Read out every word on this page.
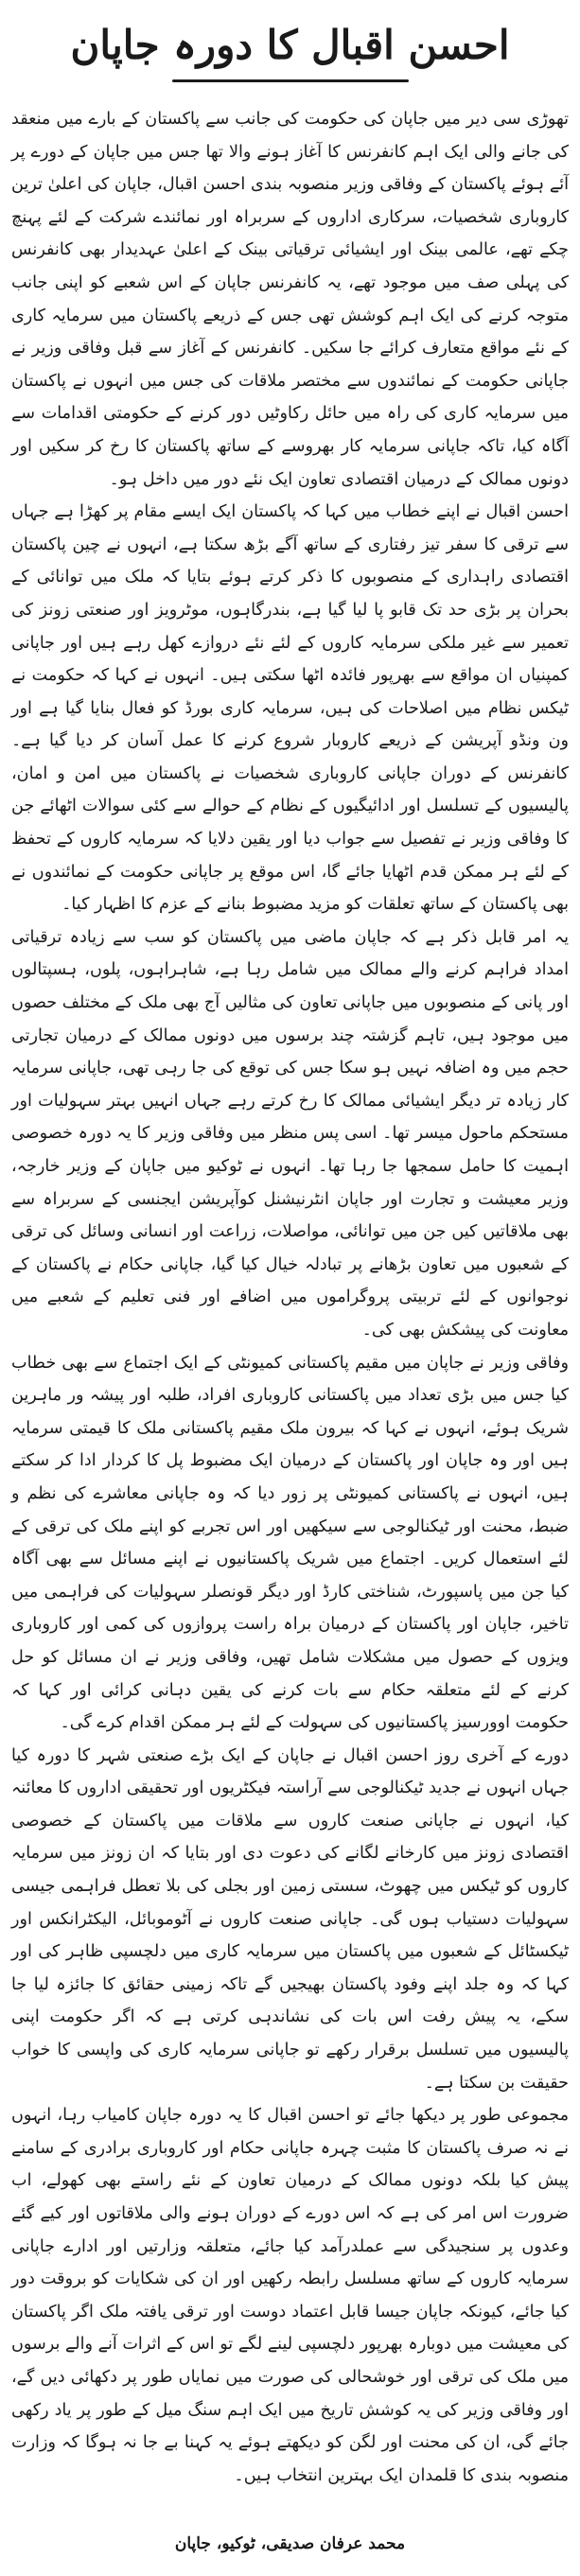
احسن اقبال کا دورہ جاپان

تھوڑی سی دیر میں جاپان کی حکومت کی جانب سے پاکستان کے بارے میں منعقد کی جانے والی ایک اہم کانفرنس کا آغاز ہونے والا تھا جس میں جاپان کے دورے پر آئے ہوئے پاکستان کے وفاقی وزیر منصوبہ بندی احسن اقبال، جاپان کی اعلیٰ ترین کاروباری شخصیات، سرکاری اداروں کے سربراہ اور نمائندے شرکت کے لئے پہنچ چکے تھے، عالمی بینک اور ایشیائی ترقیاتی بینک کے اعلیٰ عہدیدار بھی کانفرنس کی پہلی صف میں موجود تھے، یہ کانفرنس جاپان کے اس شعبے کو اپنی جانب متوجہ کرنے کی ایک اہم کوشش تھی جس کے ذریعے پاکستان میں سرمایہ کاری کے نئے مواقع متعارف کرائے جا سکیں۔ کانفرنس کے آغاز سے قبل وفاقی وزیر نے جاپانی حکومت کے نمائندوں سے مختصر ملاقات کی جس میں انہوں نے پاکستان میں سرمایہ کاری کی راہ میں حائل رکاوٹیں دور کرنے کے حکومتی اقدامات سے آگاہ کیا، تاکہ جاپانی سرمایہ کار بھروسے کے ساتھ پاکستان کا رخ کر سکیں اور دونوں ممالک کے درمیان اقتصادی تعاون ایک نئے دور میں داخل ہو۔

احسن اقبال نے اپنے خطاب میں کہا کہ پاکستان ایک ایسے مقام پر کھڑا ہے جہاں سے ترقی کا سفر تیز رفتاری کے ساتھ آگے بڑھ سکتا ہے، انہوں نے چین پاکستان اقتصادی راہداری کے منصوبوں کا ذکر کرتے ہوئے بتایا کہ ملک میں توانائی کے بحران پر بڑی حد تک قابو پا لیا گیا ہے، بندرگاہوں، موٹرویز اور صنعتی زونز کی تعمیر سے غیر ملکی سرمایہ کاروں کے لئے نئے دروازے کھل رہے ہیں اور جاپانی کمپنیاں ان مواقع سے بھرپور فائدہ اٹھا سکتی ہیں۔ انہوں نے کہا کہ حکومت نے ٹیکس نظام میں اصلاحات کی ہیں، سرمایہ کاری بورڈ کو فعال بنایا گیا ہے اور ون ونڈو آپریشن کے ذریعے کاروبار شروع کرنے کا عمل آسان کر دیا گیا ہے۔ کانفرنس کے دوران جاپانی کاروباری شخصیات نے پاکستان میں امن و امان، پالیسیوں کے تسلسل اور ادائیگیوں کے نظام کے حوالے سے کئی سوالات اٹھائے جن کا وفاقی وزیر نے تفصیل سے جواب دیا اور یقین دلایا کہ سرمایہ کاروں کے تحفظ کے لئے ہر ممکن قدم اٹھایا جائے گا، اس موقع پر جاپانی حکومت کے نمائندوں نے بھی پاکستان کے ساتھ تعلقات کو مزید مضبوط بنانے کے عزم کا اظہار کیا۔

یہ امر قابل ذکر ہے کہ جاپان ماضی میں پاکستان کو سب سے زیادہ ترقیاتی امداد فراہم کرنے والے ممالک میں شامل رہا ہے، شاہراہوں، پلوں، ہسپتالوں اور پانی کے منصوبوں میں جاپانی تعاون کی مثالیں آج بھی ملک کے مختلف حصوں میں موجود ہیں، تاہم گزشتہ چند برسوں میں دونوں ممالک کے درمیان تجارتی حجم میں وہ اضافہ نہیں ہو سکا جس کی توقع کی جا رہی تھی، جاپانی سرمایہ کار زیادہ تر دیگر ایشیائی ممالک کا رخ کرتے رہے جہاں انہیں بہتر سہولیات اور مستحکم ماحول میسر تھا۔ اسی پس منظر میں وفاقی وزیر کا یہ دورہ خصوصی اہمیت کا حامل سمجھا جا رہا تھا۔ انہوں نے ٹوکیو میں جاپان کے وزیر خارجہ، وزیر معیشت و تجارت اور جاپان انٹرنیشنل کوآپریشن ایجنسی کے سربراہ سے بھی ملاقاتیں کیں جن میں توانائی، مواصلات، زراعت اور انسانی وسائل کی ترقی کے شعبوں میں تعاون بڑھانے پر تبادلہ خیال کیا گیا، جاپانی حکام نے پاکستان کے نوجوانوں کے لئے تربیتی پروگراموں میں اضافے اور فنی تعلیم کے شعبے میں معاونت کی پیشکش بھی کی۔

وفاقی وزیر نے جاپان میں مقیم پاکستانی کمیونٹی کے ایک اجتماع سے بھی خطاب کیا جس میں بڑی تعداد میں پاکستانی کاروباری افراد، طلبہ اور پیشہ ور ماہرین شریک ہوئے، انہوں نے کہا کہ بیرون ملک مقیم پاکستانی ملک کا قیمتی سرمایہ ہیں اور وہ جاپان اور پاکستان کے درمیان ایک مضبوط پل کا کردار ادا کر سکتے ہیں، انہوں نے پاکستانی کمیونٹی پر زور دیا کہ وہ جاپانی معاشرے کی نظم و ضبط، محنت اور ٹیکنالوجی سے سیکھیں اور اس تجربے کو اپنے ملک کی ترقی کے لئے استعمال کریں۔ اجتماع میں شریک پاکستانیوں نے اپنے مسائل سے بھی آگاہ کیا جن میں پاسپورٹ، شناختی کارڈ اور دیگر قونصلر سہولیات کی فراہمی میں تاخیر، جاپان اور پاکستان کے درمیان براہ راست پروازوں کی کمی اور کاروباری ویزوں کے حصول میں مشکلات شامل تھیں، وفاقی وزیر نے ان مسائل کو حل کرنے کے لئے متعلقہ حکام سے بات کرنے کی یقین دہانی کرائی اور کہا کہ حکومت اوورسیز پاکستانیوں کی سہولت کے لئے ہر ممکن اقدام کرے گی۔

دورے کے آخری روز احسن اقبال نے جاپان کے ایک بڑے صنعتی شہر کا دورہ کیا جہاں انہوں نے جدید ٹیکنالوجی سے آراستہ فیکٹریوں اور تحقیقی اداروں کا معائنہ کیا، انہوں نے جاپانی صنعت کاروں سے ملاقات میں پاکستان کے خصوصی اقتصادی زونز میں کارخانے لگانے کی دعوت دی اور بتایا کہ ان زونز میں سرمایہ کاروں کو ٹیکس میں چھوٹ، سستی زمین اور بجلی کی بلا تعطل فراہمی جیسی سہولیات دستیاب ہوں گی۔ جاپانی صنعت کاروں نے آٹوموبائل، الیکٹرانکس اور ٹیکسٹائل کے شعبوں میں پاکستان میں سرمایہ کاری میں دلچسپی ظاہر کی اور کہا کہ وہ جلد اپنے وفود پاکستان بھیجیں گے تاکہ زمینی حقائق کا جائزہ لیا جا سکے، یہ پیش رفت اس بات کی نشاندہی کرتی ہے کہ اگر حکومت اپنی پالیسیوں میں تسلسل برقرار رکھے تو جاپانی سرمایہ کاری کی واپسی کا خواب حقیقت بن سکتا ہے۔

مجموعی طور پر دیکھا جائے تو احسن اقبال کا یہ دورہ جاپان کامیاب رہا، انہوں نے نہ صرف پاکستان کا مثبت چہرہ جاپانی حکام اور کاروباری برادری کے سامنے پیش کیا بلکہ دونوں ممالک کے درمیان تعاون کے نئے راستے بھی کھولے، اب ضرورت اس امر کی ہے کہ اس دورے کے دوران ہونے والی ملاقاتوں اور کیے گئے وعدوں پر سنجیدگی سے عملدرآمد کیا جائے، متعلقہ وزارتیں اور ادارے جاپانی سرمایہ کاروں کے ساتھ مسلسل رابطہ رکھیں اور ان کی شکایات کو بروقت دور کیا جائے، کیونکہ جاپان جیسا قابل اعتماد دوست اور ترقی یافتہ ملک اگر پاکستان کی معیشت میں دوبارہ بھرپور دلچسپی لینے لگے تو اس کے اثرات آنے والے برسوں میں ملک کی ترقی اور خوشحالی کی صورت میں نمایاں طور پر دکھائی دیں گے، اور وفاقی وزیر کی یہ کوشش تاریخ میں ایک اہم سنگ میل کے طور پر یاد رکھی جائے گی، ان کی محنت اور لگن کو دیکھتے ہوئے یہ کہنا بے جا نہ ہوگا کہ وزارت منصوبہ بندی کا قلمدان ایک بہترین انتخاب ہیں۔

محمد عرفان صدیقی، ٹوکیو، جاپان
